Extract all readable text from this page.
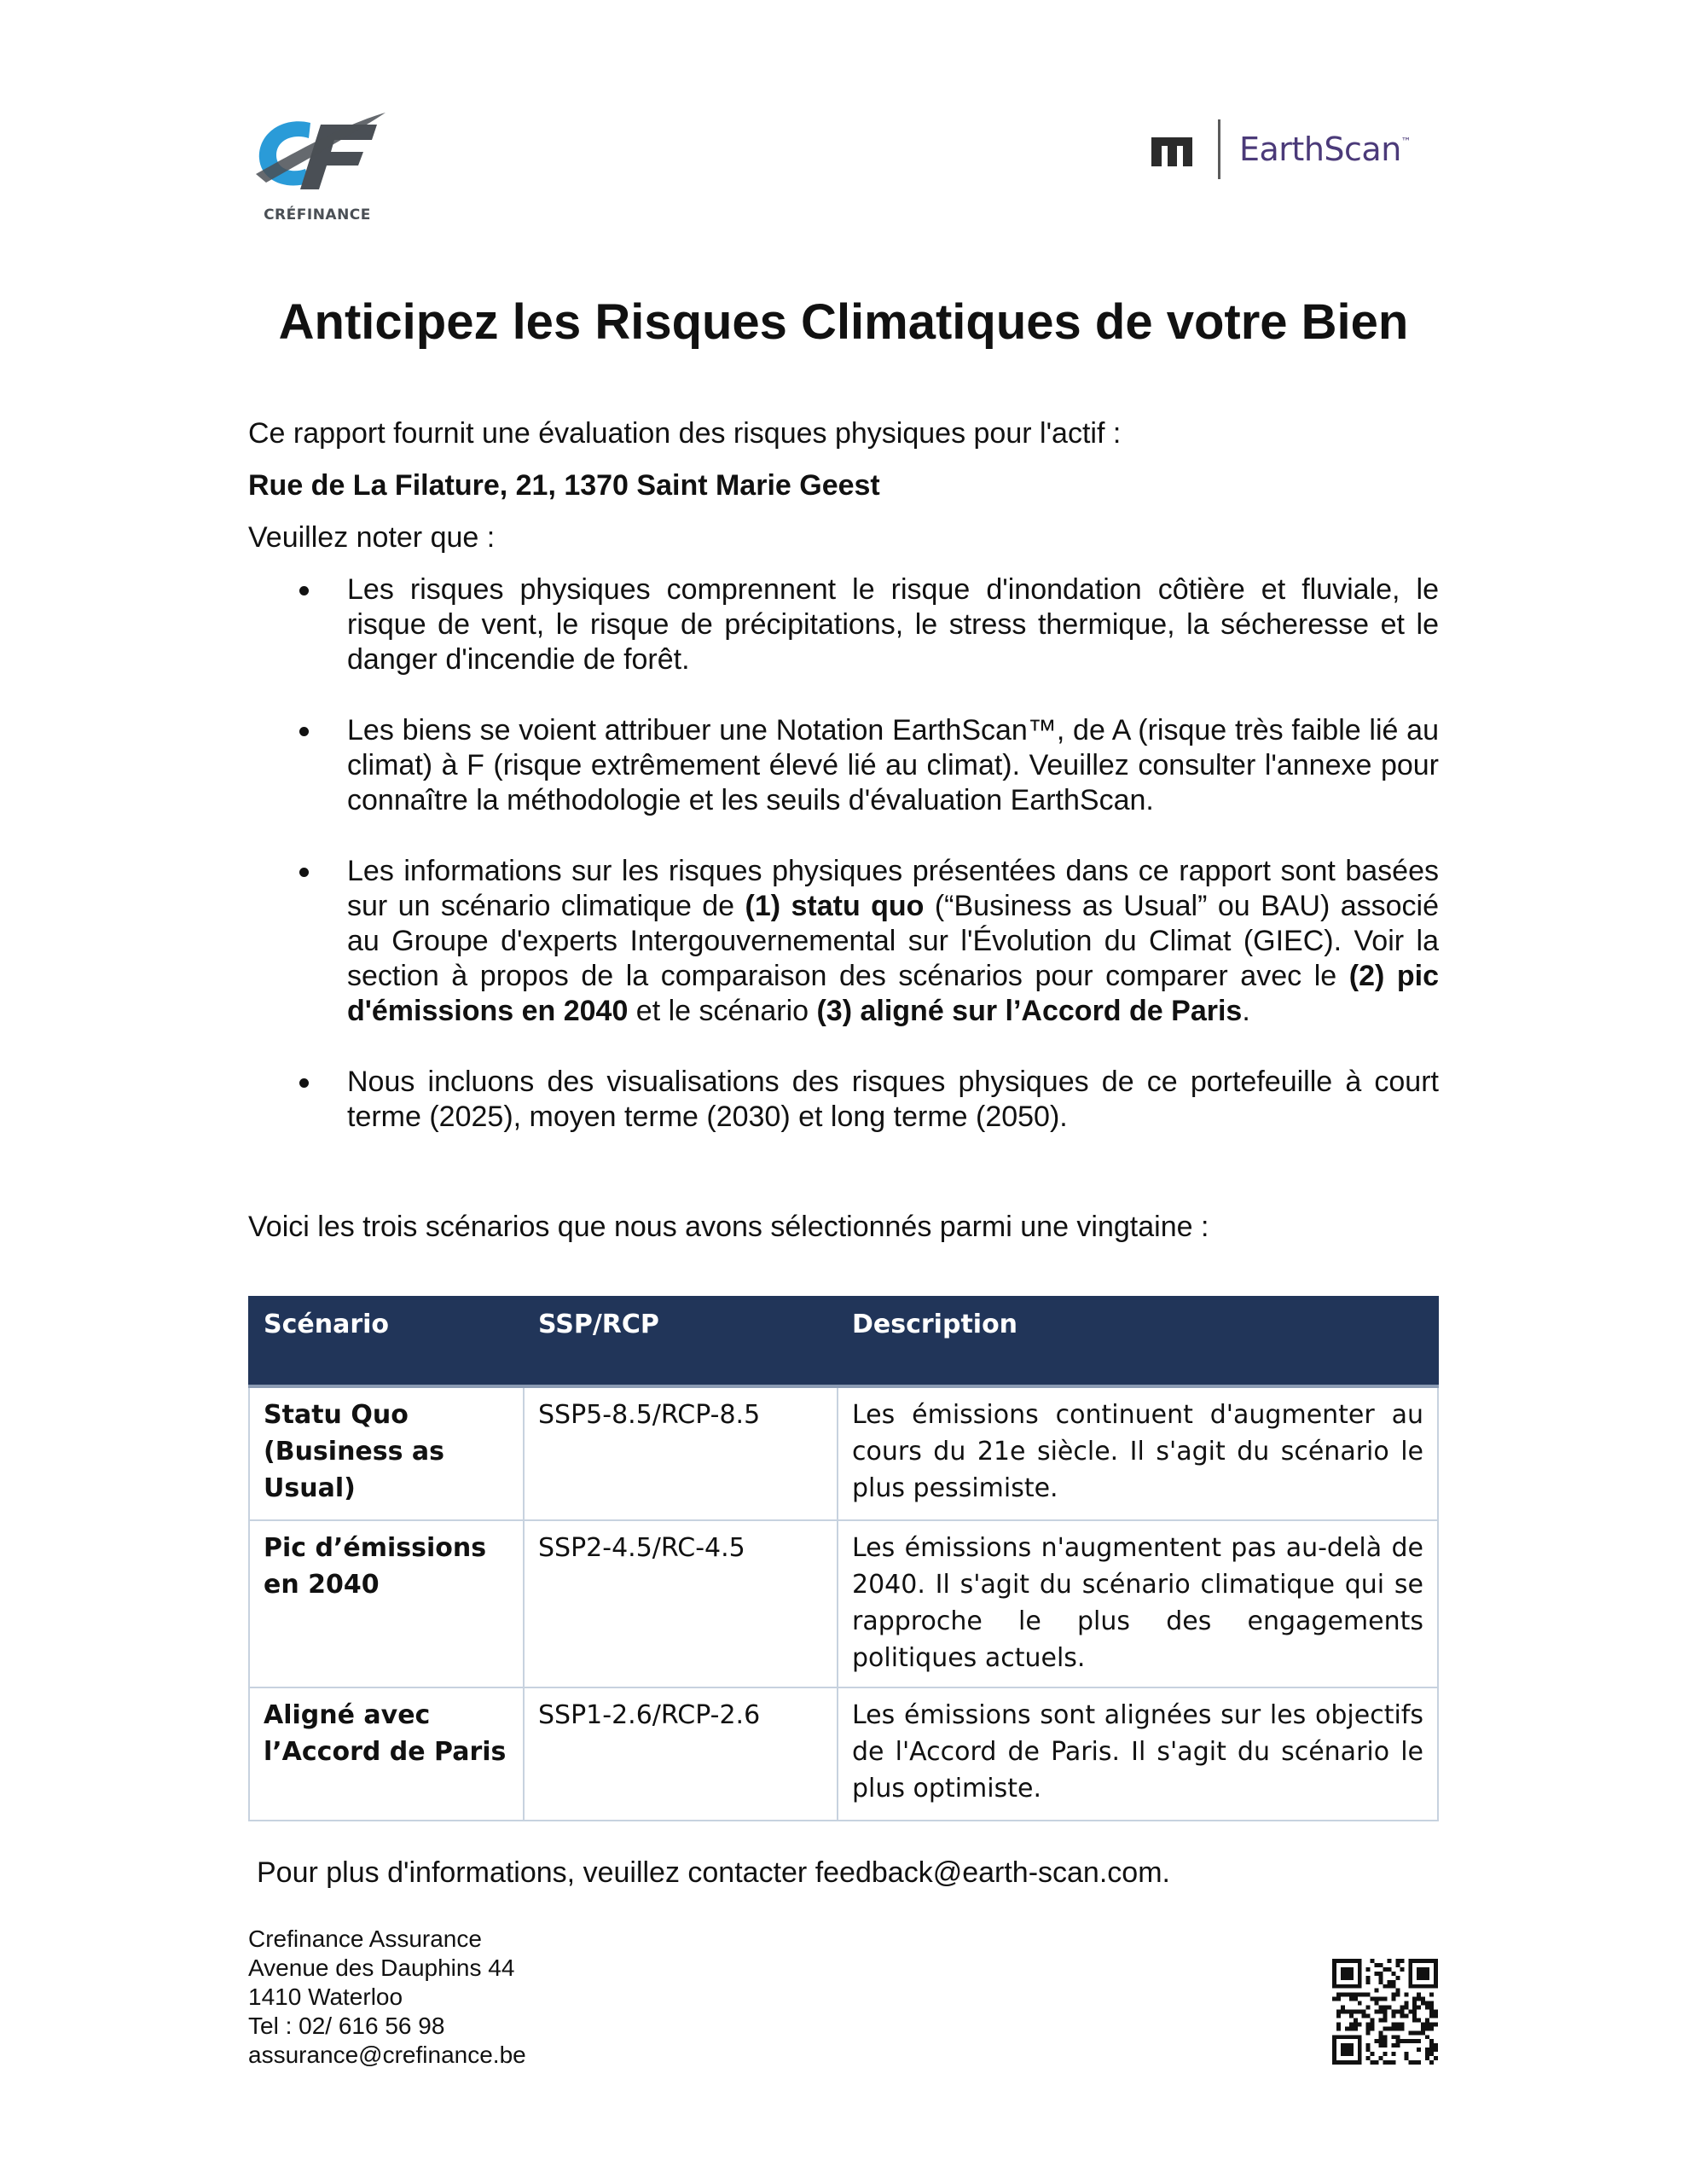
CRÉFINANCE
EarthScan™
Anticipez les Risques Climatiques de votre Bien

Ce rapport fournit une évaluation des risques physiques pour l'actif :

Rue de La Filature, 21, 1370 Saint Marie Geest

Veuillez noter que :

Les risques physiques comprennent le risque d'inondation côtière et fluviale, le risque de vent, le risque de précipitations, le stress thermique, la sécheresse et le danger d'incendie de forêt.
Les biens se voient attribuer une Notation EarthScan™, de A (risque très faible lié au climat) à F (risque extrêmement élevé lié au climat). Veuillez consulter l'annexe pour connaître la méthodologie et les seuils d'évaluation EarthScan.
Les informations sur les risques physiques présentées dans ce rapport sont basées sur un scénario climatique de (1) statu quo (“Business as Usual” ou BAU) associé au Groupe d'experts Intergouvernemental sur l'Évolution du Climat (GIEC). Voir la section à propos de la comparaison des scénarios pour comparer avec le (2) pic d'émissions en 2040 et le scénario (3) aligné sur l’Accord de Paris.
Nous incluons des visualisations des risques physiques de ce portefeuille à court terme (2025), moyen terme (2030) et long terme (2050).

Voici les trois scénarios que nous avons sélectionnés parmi une vingtaine :

Scénario	SSP/RCP	Description
Statu Quo (Business as Usual)	SSP5-8.5/RCP-8.5	Les émissions continuent d'augmenter au cours du 21e siècle. Il s'agit du scénario le plus pessimiste.
Pic d’émissions en 2040	SSP2-4.5/RC-4.5	Les émissions n'augmentent pas au-delà de 2040. Il s'agit du scénario climatique qui se rapproche le plus des engagements politiques actuels.
Aligné avec l’Accord de Paris	SSP1-2.6/RCP-2.6	Les émissions sont alignées sur les objectifs de l'Accord de Paris. Il s'agit du scénario le plus optimiste.
Pour plus d'informations, veuillez contacter feedback@earth-scan.com.
Crefinance Assurance
Avenue des Dauphins 44
1410 Waterloo
Tel : 02/ 616 56 98
assurance@crefinance.be
